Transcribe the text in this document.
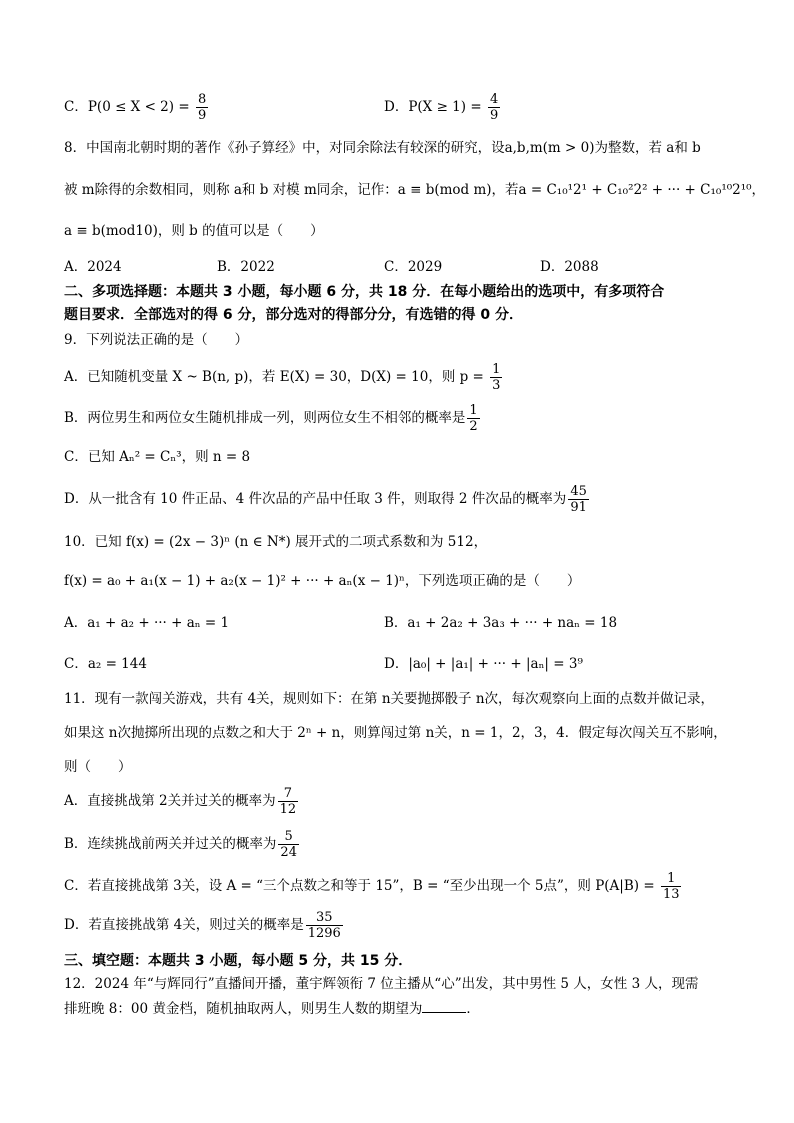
C．$P(0 \le X < 2) = \frac{8}{9}$	D．$P(X \ge 1) = \frac{4}{9}$
8．中国南北朝时期的著作《孙子算经》中，对同余除法有较深的研究，设a,b,m(m > 0)为整数，若 a和 b
被 m除得的余数相同，则称 a和 b 对模 m同余，记作：a ≡ b(mod m)，若a = C₁₀¹2¹ + C₁₀²2² + ··· + C₁₀¹⁰2¹⁰，
a ≡ b(mod10)，则 b 的值可以是（　　）
A．2024	B．2022	C．2029	D．2088
二、多项选择题：本题共 3 小题，每小题 6 分，共 18 分．在每小题给出的选项中，有多项符合
题目要求．全部选对的得 6 分，部分选对的得部分分，有选错的得 0 分．
9．下列说法正确的是（　　）
A．已知随机变量 X ~ B(n, p)，若 E(X) = 30，D(X) = 10，则 $p = \frac{1}{3}$
B．两位男生和两位女生随机排成一列，则两位女生不相邻的概率是 $\frac{1}{2}$
C．已知 Aₙ² = Cₙ³，则 n = 8
D．从一批含有 10 件正品、4 件次品的产品中任取 3 件，则取得 2 件次品的概率为 $\frac{45}{91}$
10．已知 f(x) = (2x − 3)ⁿ (n ∈ N*) 展开式的二项式系数和为 512，
f(x) = a₀ + a₁(x − 1) + a₂(x − 1)² + ··· + aₙ(x − 1)ⁿ，下列选项正确的是（　　）
A．a₁ + a₂ + ··· + aₙ = 1	B．a₁ + 2a₂ + 3a₃ + ··· + naₙ = 18
C．a₂ = 144	D．|a₀| + |a₁| + ··· + |aₙ| = 3⁹
11．现有一款闯关游戏，共有 4关，规则如下：在第 n关要抛掷骰子 n次，每次观察向上面的点数并做记录，
如果这 n次抛掷所出现的点数之和大于 2ⁿ + n，则算闯过第 n关，n = 1，2，3，4．假定每次闯关互不影响，
则（　　）
A．直接挑战第 2关并过关的概率为 $\frac{7}{12}$
B．连续挑战前两关并过关的概率为 $\frac{5}{24}$
C．若直接挑战第 3关，设 A = “三个点数之和等于 15”，B = “至少出现一个 5点”，则 $P(A|B) = \frac{1}{13}$
D．若直接挑战第 4关，则过关的概率是 $\frac{35}{1296}$
三、填空题：本题共 3 小题，每小题 5 分，共 15 分．
12．2024 年“与辉同行”直播间开播，董宇辉领衔 7 位主播从“心”出发，其中男性 5 人，女性 3 人，现需
排班晚 8：00 黄金档，随机抽取两人，则男生人数的期望为	．
